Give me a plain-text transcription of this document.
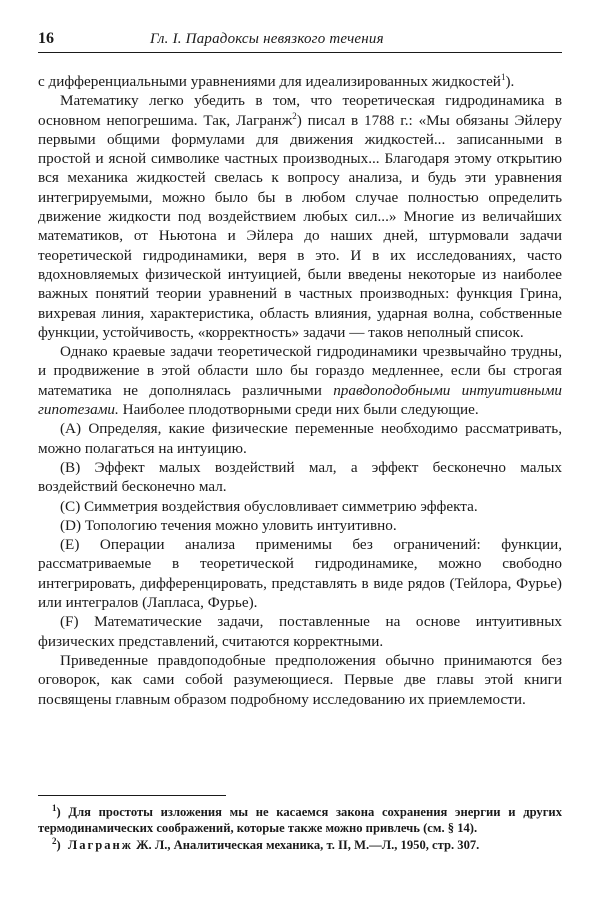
16	Гл. I. Парадоксы невязкого течения

с дифференциальными уравнениями для идеализированных жидкостей$^1$).

Математику легко убедить в том, что теоретическая гидродинамика в основном непогрешима. Так, Лагранж$^2$) писал в 1788 г.: «Мы обязаны Эйлеру первыми общими формулами для движения жидкостей... записанными в простой и ясной символике частных производных... Благодаря этому открытию вся механика жидкостей свелась к вопросу анализа, и будь эти уравнения интегрируемыми, можно было бы в любом случае полностью определить движение жидкости под воздействием любых сил...» Многие из величайших математиков, от Ньютона и Эйлера до наших дней, штурмовали задачи теоретической гидродинамики, веря в это. И в их исследованиях, часто вдохновляемых физической интуицией, были введены некоторые из наиболее важных понятий теории уравнений в частных производных: функция Грина, вихревая линия, характеристика, область влияния, ударная волна, собственные функции, устойчивость, «корректность» задачи — таков неполный список.

Однако краевые задачи теоретической гидродинамики чрезвычайно трудны, и продвижение в этой области шло бы гораздо медленнее, если бы строгая математика не дополнялась различными правдоподобными интуитивными гипотезами. Наиболее плодотворными среди них были следующие.

(A) Определяя, какие физические переменные необходимо рассматривать, можно полагаться на интуицию.

(B) Эффект малых воздействий мал, а эффект бесконечно малых воздействий бесконечно мал.

(C) Симметрия воздействия обусловливает симметрию эффекта.

(D) Топологию течения можно уловить интуитивно.

(E) Операции анализа применимы без ограничений: функции, рассматриваемые в теоретической гидродинамике, можно свободно интегрировать, дифференцировать, представлять в виде рядов (Тейлора, Фурье) или интегралов (Лапласа, Фурье).

(F) Математические задачи, поставленные на основе интуитивных физических представлений, считаются корректными.

Приведенные правдоподобные предположения обычно принимаются без оговорок, как сами собой разумеющиеся. Первые две главы этой книги посвящены главным образом подробному исследованию их приемлемости.

$^1$) Для простоты изложения мы не касаемся закона сохранения энергии и других термодинамических соображений, которые также можно привлечь (см. § 14).

$^2$) Лагранж Ж. Л., Аналитическая механика, т. II, М.—Л., 1950, стр. 307.
